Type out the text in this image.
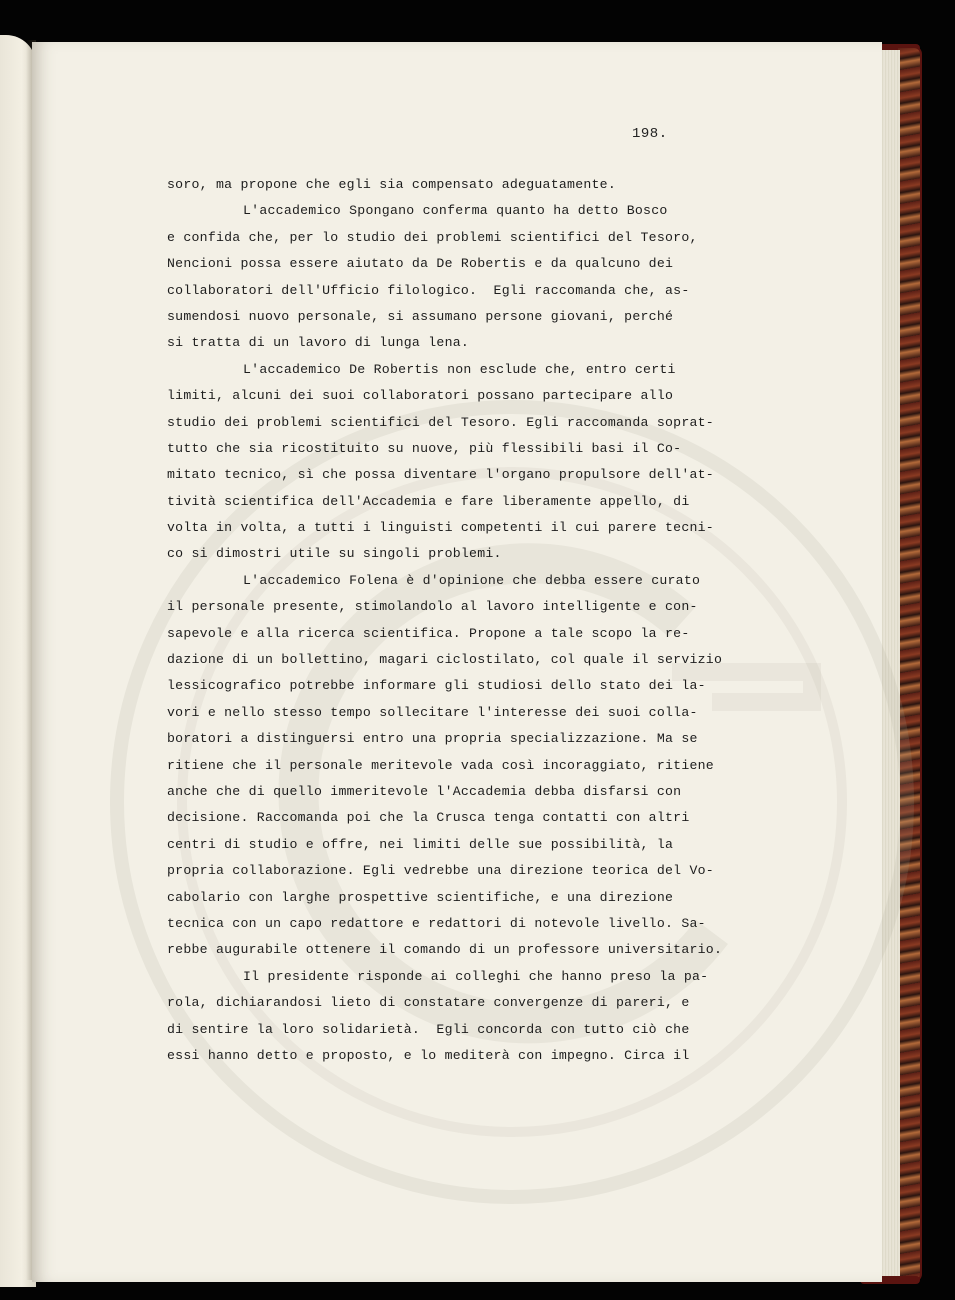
198.
soro, ma propone che egli sia compensato adeguatamente.
L'accademico Spongano conferma quanto ha detto Bosco
e confida che, per lo studio dei problemi scientifici del Tesoro,
Nencioni possa essere aiutato da De Robertis e da qualcuno dei
collaboratori dell'Ufficio filologico.  Egli raccomanda che, as-
sumendosi nuovo personale, si assumano persone giovani, perché
si tratta di un lavoro di lunga lena.
L'accademico De Robertis non esclude che, entro certi
limiti, alcuni dei suoi collaboratori possano partecipare allo
studio dei problemi scientifici del Tesoro. Egli raccomanda soprat-
tutto che sia ricostituito su nuove, più flessibili basi il Co-
mitato tecnico, sì che possa diventare l'organo propulsore dell'at-
tività scientifica dell'Accademia e fare liberamente appello, di
volta in volta, a tutti i linguisti competenti il cui parere tecni-
co si dimostri utile su singoli problemi.
L'accademico Folena è d'opinione che debba essere curato
il personale presente, stimolandolo al lavoro intelligente e con-
sapevole e alla ricerca scientifica. Propone a tale scopo la re-
dazione di un bollettino, magari ciclostilato, col quale il servizio
lessicografico potrebbe informare gli studiosi dello stato dei la-
vori e nello stesso tempo sollecitare l'interesse dei suoi colla-
boratori a distinguersi entro una propria specializzazione. Ma se
ritiene che il personale meritevole vada così incoraggiato, ritiene
anche che di quello immeritevole l'Accademia debba disfarsi con
decisione. Raccomanda poi che la Crusca tenga contatti con altri
centri di studio e offre, nei limiti delle sue possibilità, la
propria collaborazione. Egli vedrebbe una direzione teorica del Vo-
cabolario con larghe prospettive scientifiche, e una direzione
tecnica con un capo redattore e redattori di notevole livello. Sa-
rebbe augurabile ottenere il comando di un professore universitario.
Il presidente risponde ai colleghi che hanno preso la pa-
rola, dichiarandosi lieto di constatare convergenze di pareri, e
di sentire la loro solidarietà.  Egli concorda con tutto ciò che
essi hanno detto e proposto, e lo mediterà con impegno. Circa il
